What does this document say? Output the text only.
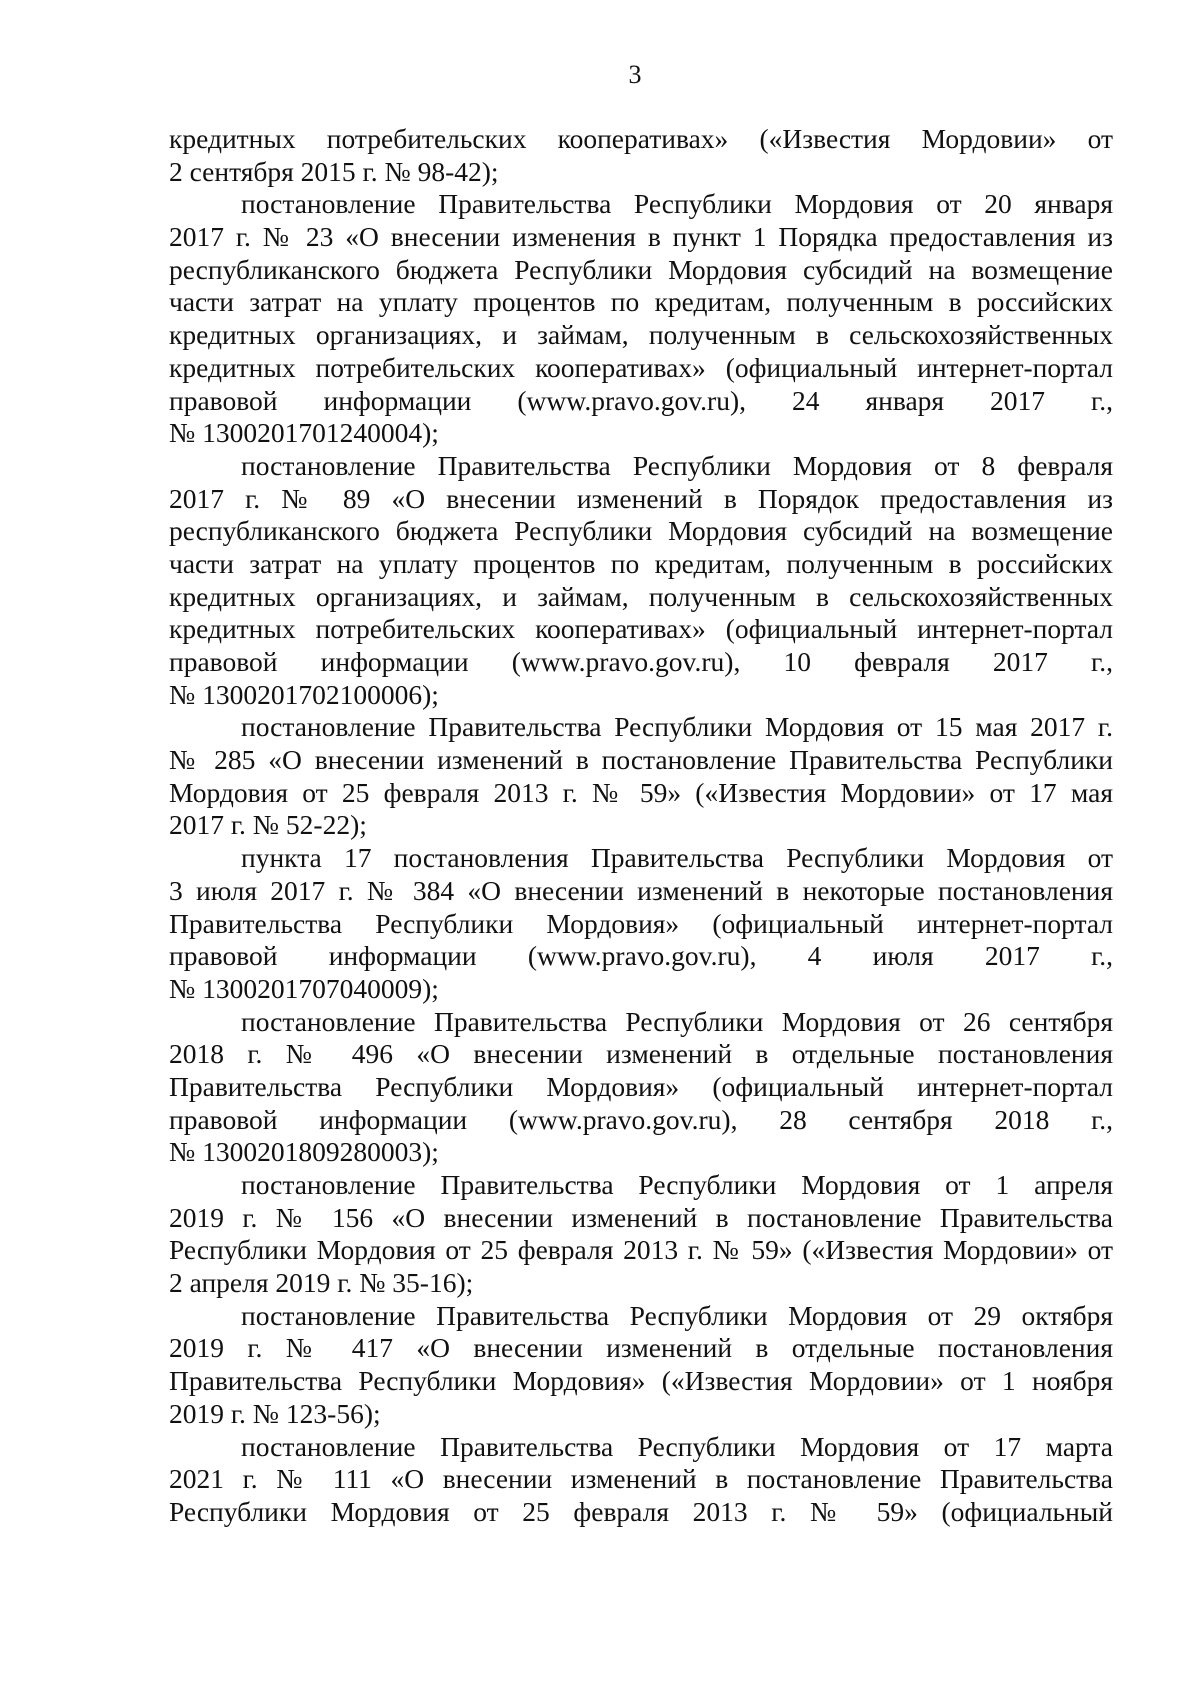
3
кредитных потребительских кооперативах» («Известия Мордовии» от
2 сентября 2015 г. № 98-42);
постановление Правительства Республики Мордовия от 20 января
2017 г. № 23 «О внесении изменения в пункт 1 Порядка предоставления из
республиканского бюджета Республики Мордовия субсидий на возмещение
части затрат на уплату процентов по кредитам, полученным в российских
кредитных организациях, и займам, полученным в сельскохозяйственных
кредитных потребительских кооперативах» (официальный интернет-портал
правовой информации (www.pravo.gov.ru), 24 января 2017 г.,
№ 1300201701240004);
постановление Правительства Республики Мордовия от 8 февраля
2017 г. № 89 «О внесении изменений в Порядок предоставления из
республиканского бюджета Республики Мордовия субсидий на возмещение
части затрат на уплату процентов по кредитам, полученным в российских
кредитных организациях, и займам, полученным в сельскохозяйственных
кредитных потребительских кооперативах» (официальный интернет-портал
правовой информации (www.pravo.gov.ru), 10 февраля 2017 г.,
№ 1300201702100006);
постановление Правительства Республики Мордовия от 15 мая 2017 г.
№ 285 «О внесении изменений в постановление Правительства Республики
Мордовия от 25 февраля 2013 г. № 59» («Известия Мордовии» от 17 мая
2017 г. № 52-22);
пункта 17 постановления Правительства Республики Мордовия от
3 июля 2017 г. № 384 «О внесении изменений в некоторые постановления
Правительства Республики Мордовия» (официальный интернет-портал
правовой информации (www.pravo.gov.ru), 4 июля 2017 г.,
№ 1300201707040009);
постановление Правительства Республики Мордовия от 26 сентября
2018 г. № 496 «О внесении изменений в отдельные постановления
Правительства Республики Мордовия» (официальный интернет-портал
правовой информации (www.pravo.gov.ru), 28 сентября 2018 г.,
№ 1300201809280003);
постановление Правительства Республики Мордовия от 1 апреля
2019 г. № 156 «О внесении изменений в постановление Правительства
Республики Мордовия от 25 февраля 2013 г. № 59» («Известия Мордовии» от
2 апреля 2019 г. № 35-16);
постановление Правительства Республики Мордовия от 29 октября
2019 г. № 417 «О внесении изменений в отдельные постановления
Правительства Республики Мордовия» («Известия Мордовии» от 1 ноября
2019 г. № 123-56);
постановление Правительства Республики Мордовия от 17 марта
2021 г. № 111 «О внесении изменений в постановление Правительства
Республики Мордовия от 25 февраля 2013 г. № 59» (официальный
